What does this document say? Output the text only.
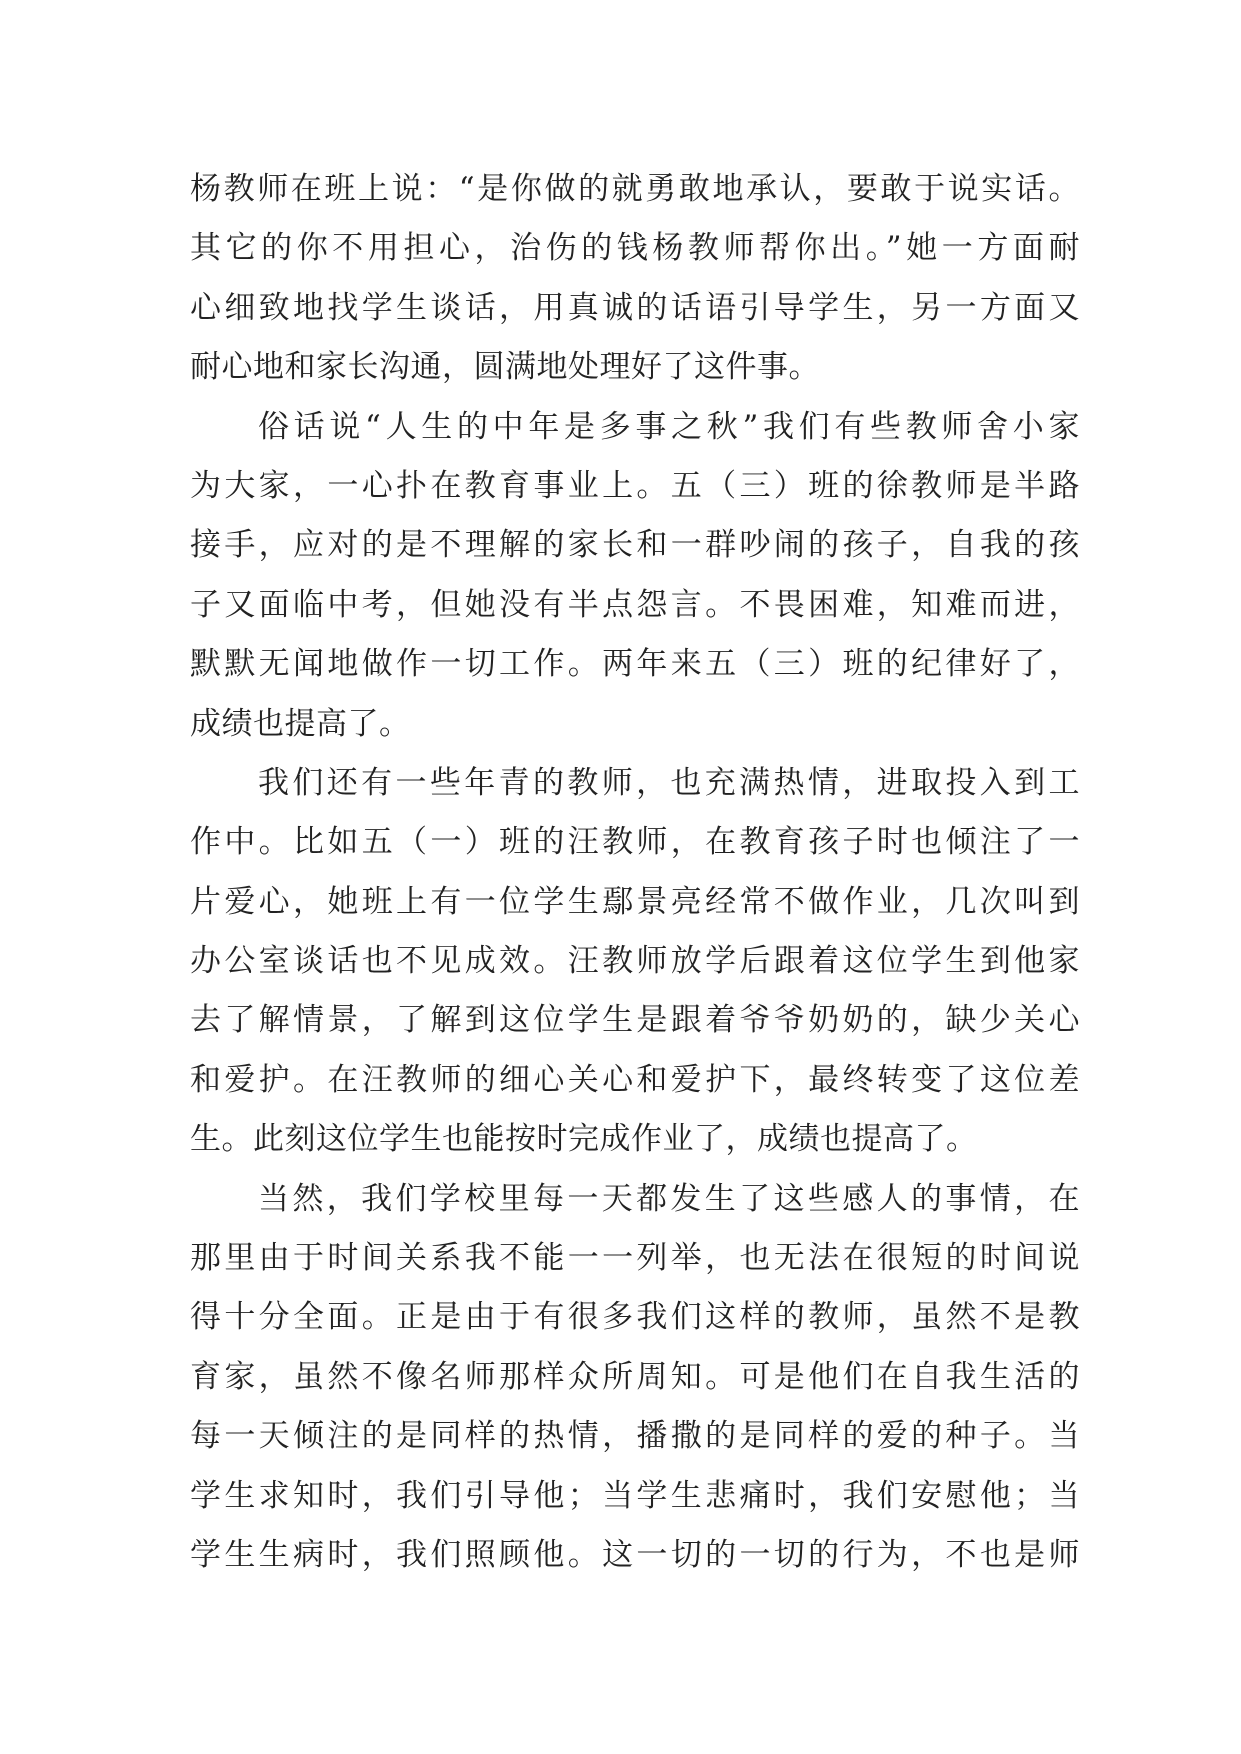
杨教师在班上说：“是你做的就勇敢地承认，要敢于说实话。
其它的你不用担心，治伤的钱杨教师帮你出。”她一方面耐
心细致地找学生谈话，用真诚的话语引导学生，另一方面又
耐心地和家长沟通，圆满地处理好了这件事。
俗话说“人生的中年是多事之秋”我们有些教师舍小家
为大家，一心扑在教育事业上。五（三）班的徐教师是半路
接手，应对的是不理解的家长和一群吵闹的孩子，自我的孩
子又面临中考，但她没有半点怨言。不畏困难，知难而进，
默默无闻地做作一切工作。两年来五（三）班的纪律好了，
成绩也提高了。
我们还有一些年青的教师，也充满热情，进取投入到工
作中。比如五（一）班的汪教师，在教育孩子时也倾注了一
片爱心，她班上有一位学生鄢景亮经常不做作业，几次叫到
办公室谈话也不见成效。汪教师放学后跟着这位学生到他家
去了解情景，了解到这位学生是跟着爷爷奶奶的，缺少关心
和爱护。在汪教师的细心关心和爱护下，最终转变了这位差
生。此刻这位学生也能按时完成作业了，成绩也提高了。
当然，我们学校里每一天都发生了这些感人的事情，在
那里由于时间关系我不能一一列举，也无法在很短的时间说
得十分全面。正是由于有很多我们这样的教师，虽然不是教
育家，虽然不像名师那样众所周知。可是他们在自我生活的
每一天倾注的是同样的热情，播撒的是同样的爱的种子。当
学生求知时，我们引导他；当学生悲痛时，我们安慰他；当
学生生病时，我们照顾他。这一切的一切的行为，不也是师
